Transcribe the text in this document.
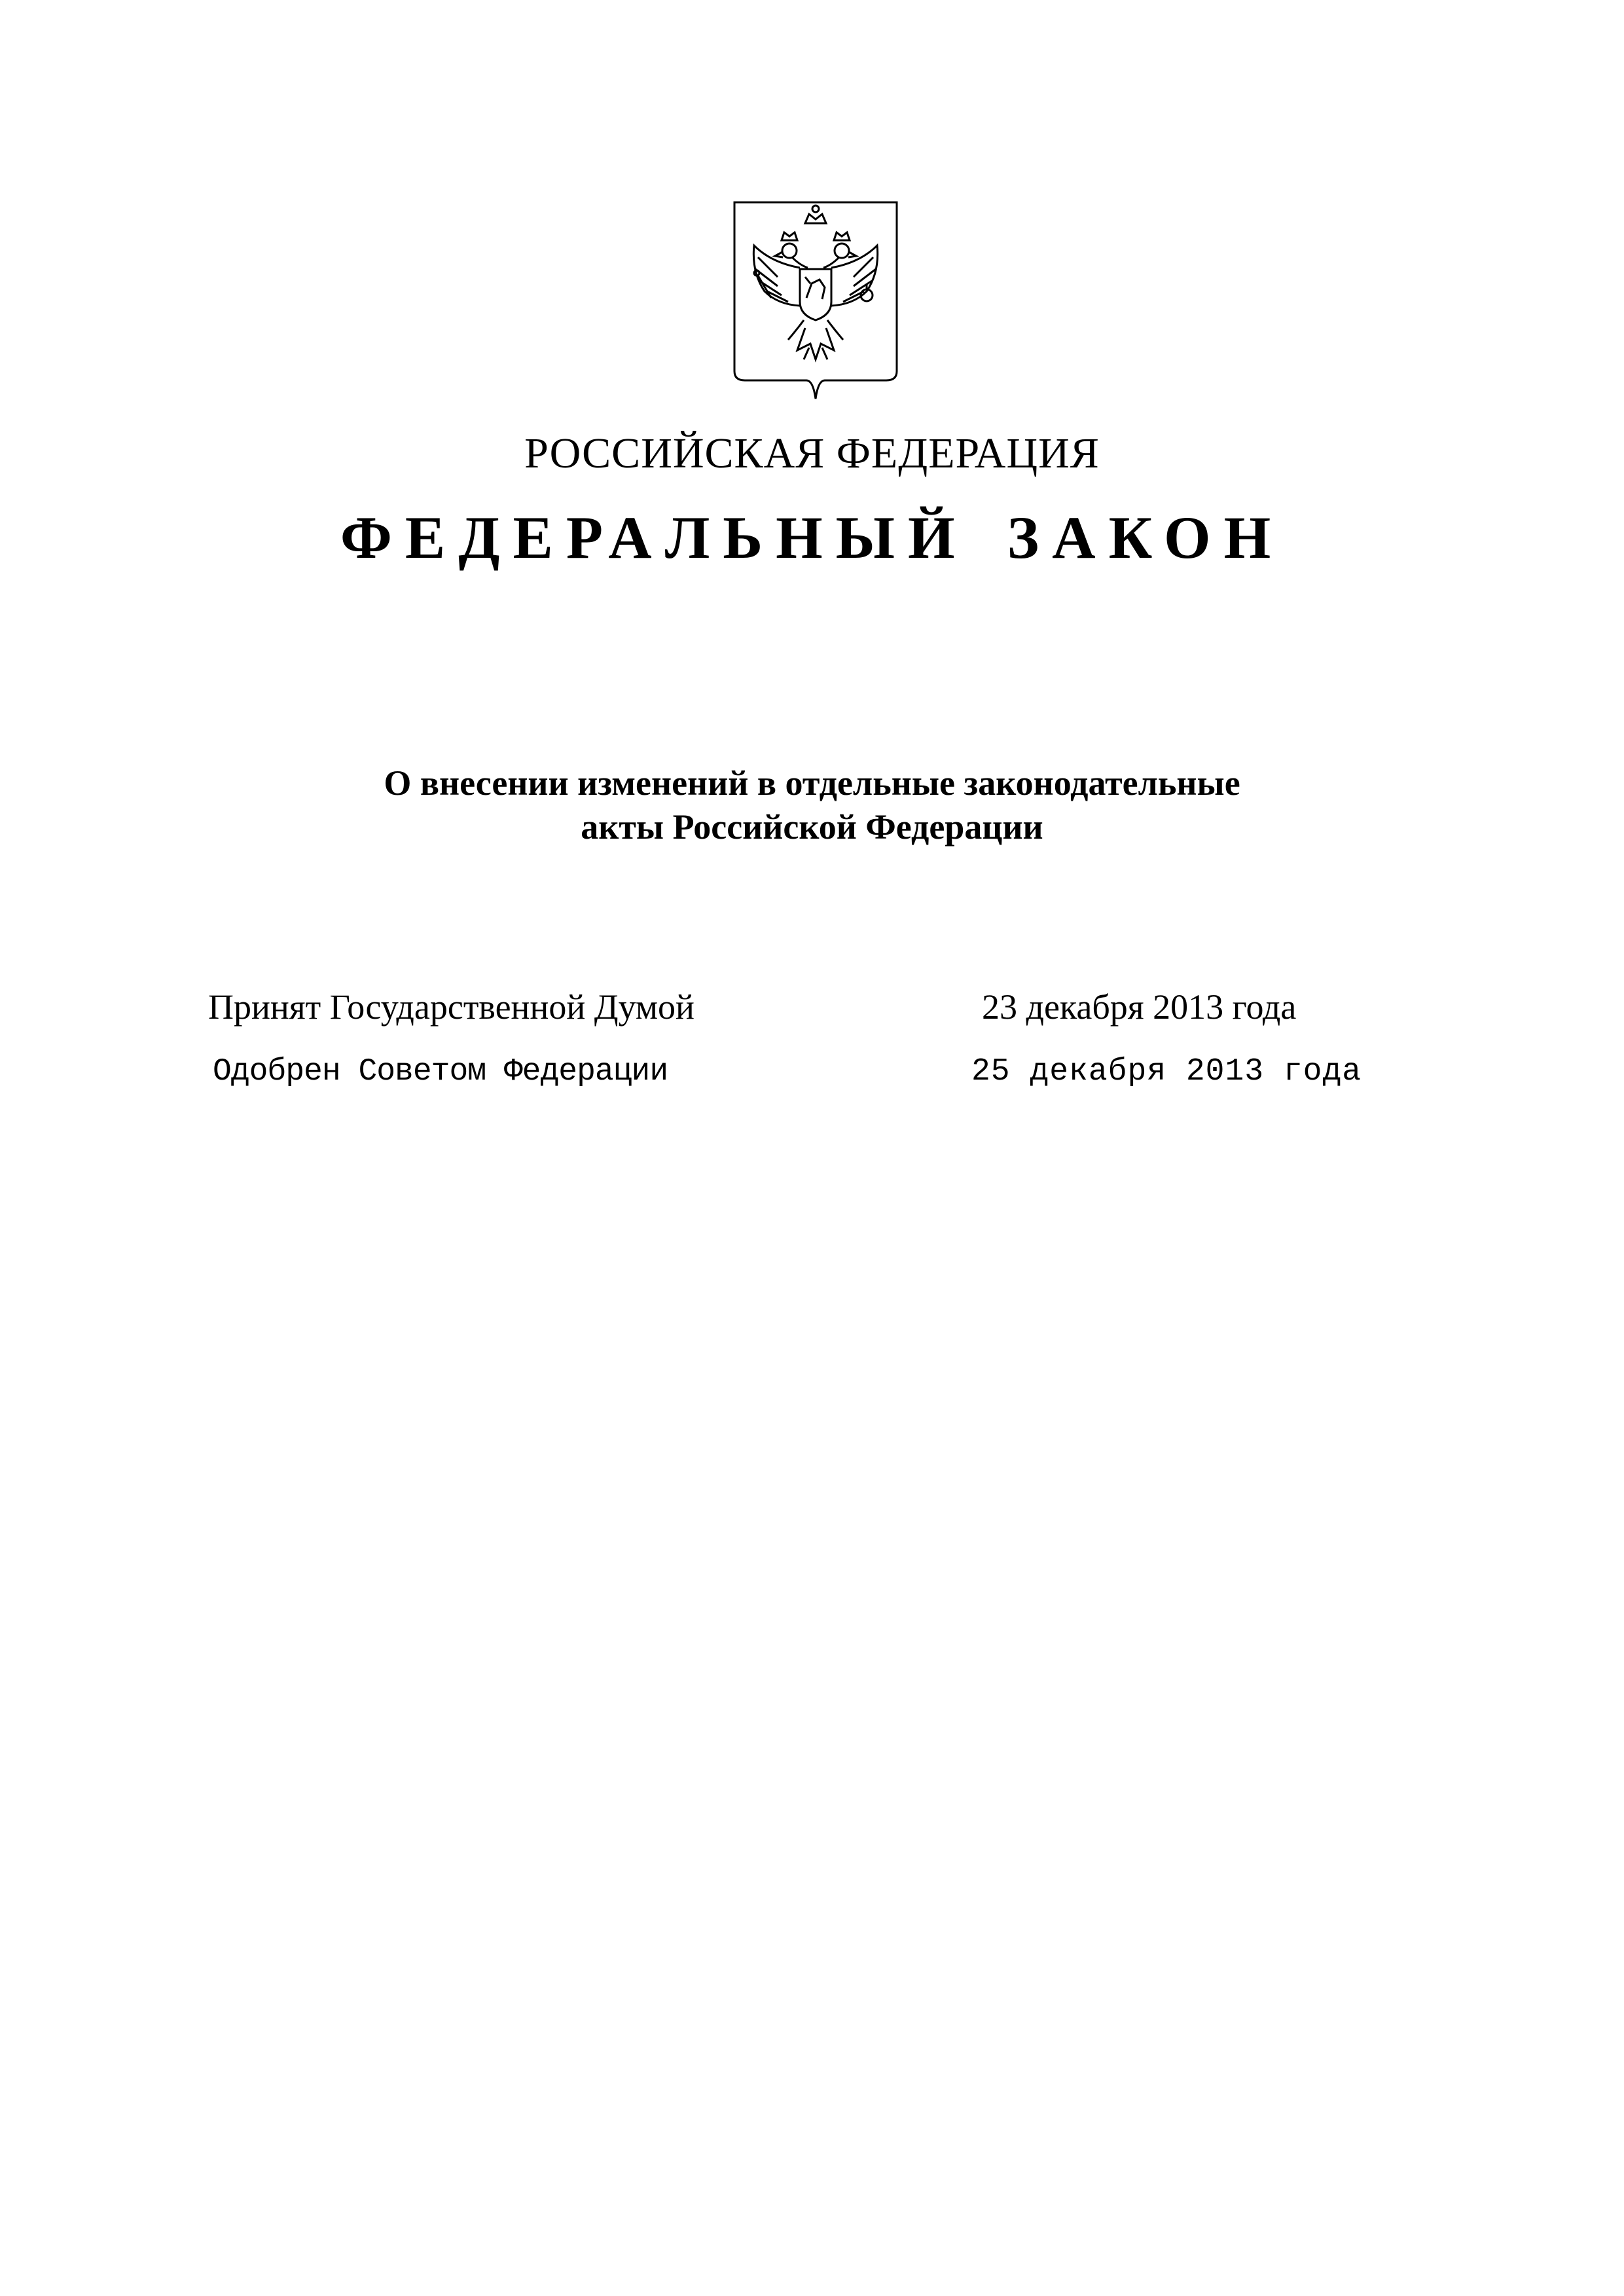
РОССИЙСКАЯ ФЕДЕРАЦИЯ
ФЕДЕРАЛЬНЫЙ ЗАКОН
О внесении изменений в отдельные законодательные
акты Российской Федерации
Принят Государственной Думой	23 декабря 2013 года
Одобрен Советом Федерации	25 декабря 2013 года
